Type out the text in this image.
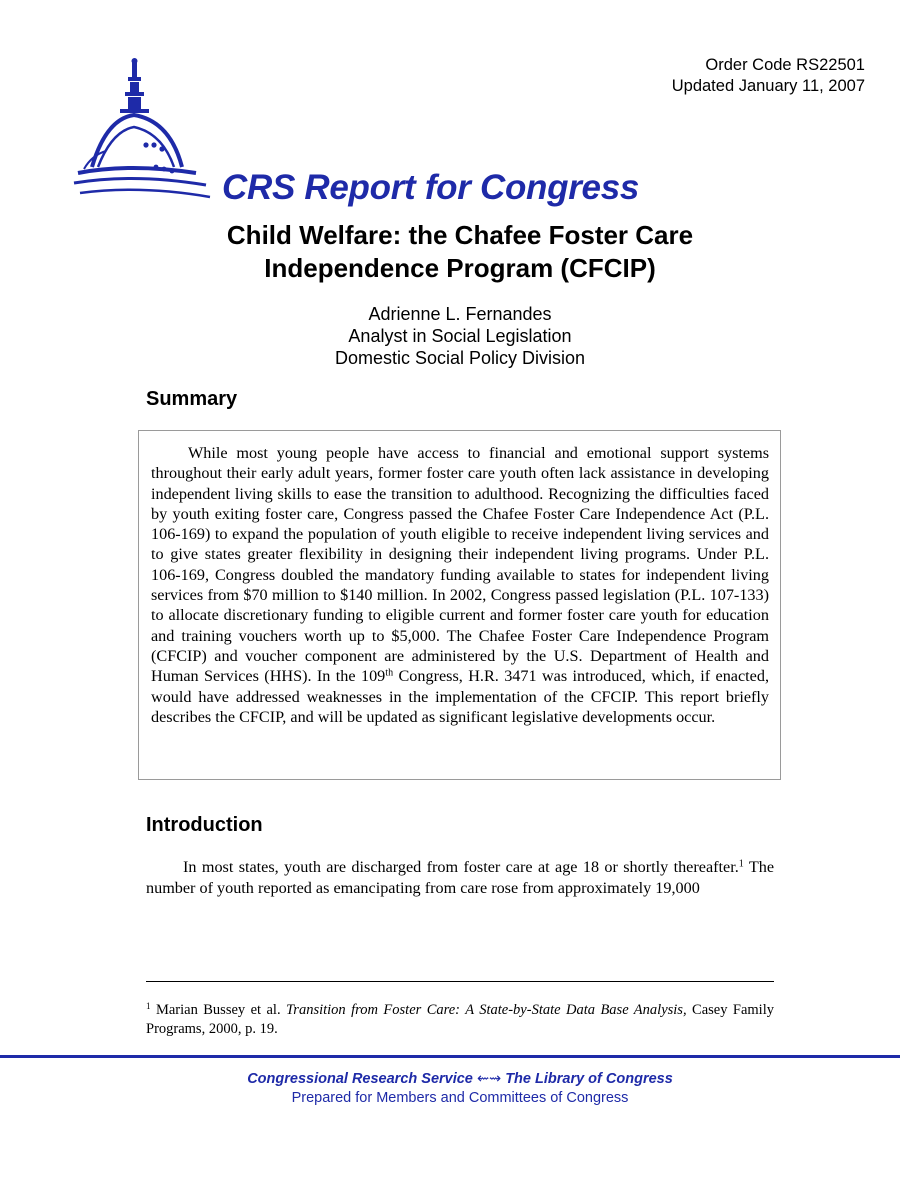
Order Code RS22501
Updated January 11, 2007
CRS Report for Congress
Child Welfare: the Chafee Foster Care
Independence Program (CFCIP)
Adrienne L. Fernandes
Analyst in Social Legislation
Domestic Social Policy Division
Summary

While most young people have access to financial and emotional support systems throughout their early adult years, former foster care youth often lack assistance in developing independent living skills to ease the transition to adulthood. Recognizing the difficulties faced by youth exiting foster care, Congress passed the Chafee Foster Care Independence Act (P.L. 106-169) to expand the population of youth eligible to receive independent living services and to give states greater flexibility in designing their independent living programs. Under P.L. 106-169, Congress doubled the mandatory funding available to states for independent living services from $70 million to $140 million. In 2002, Congress passed legislation (P.L. 107-133) to allocate discretionary funding to eligible current and former foster care youth for education and training vouchers worth up to $5,000. The Chafee Foster Care Independence Program (CFCIP) and voucher component are administered by the U.S. Department of Health and Human Services (HHS). In the 109th Congress, H.R. 3471 was introduced, which, if enacted, would have addressed weaknesses in the implementation of the CFCIP. This report briefly describes the CFCIP, and will be updated as significant legislative developments occur.

Introduction

In most states, youth are discharged from foster care at age 18 or shortly thereafter.$^1$ The number of youth reported as emancipating from care rose from approximately 19,000

$^1$ Marian Bussey et al. Transition from Foster Care: A State-by-State Data Base Analysis, Casey Family Programs, 2000, p. 19.

Congressional Research Service ⇜⇝ The Library of Congress
Prepared for Members and Committees of Congress
